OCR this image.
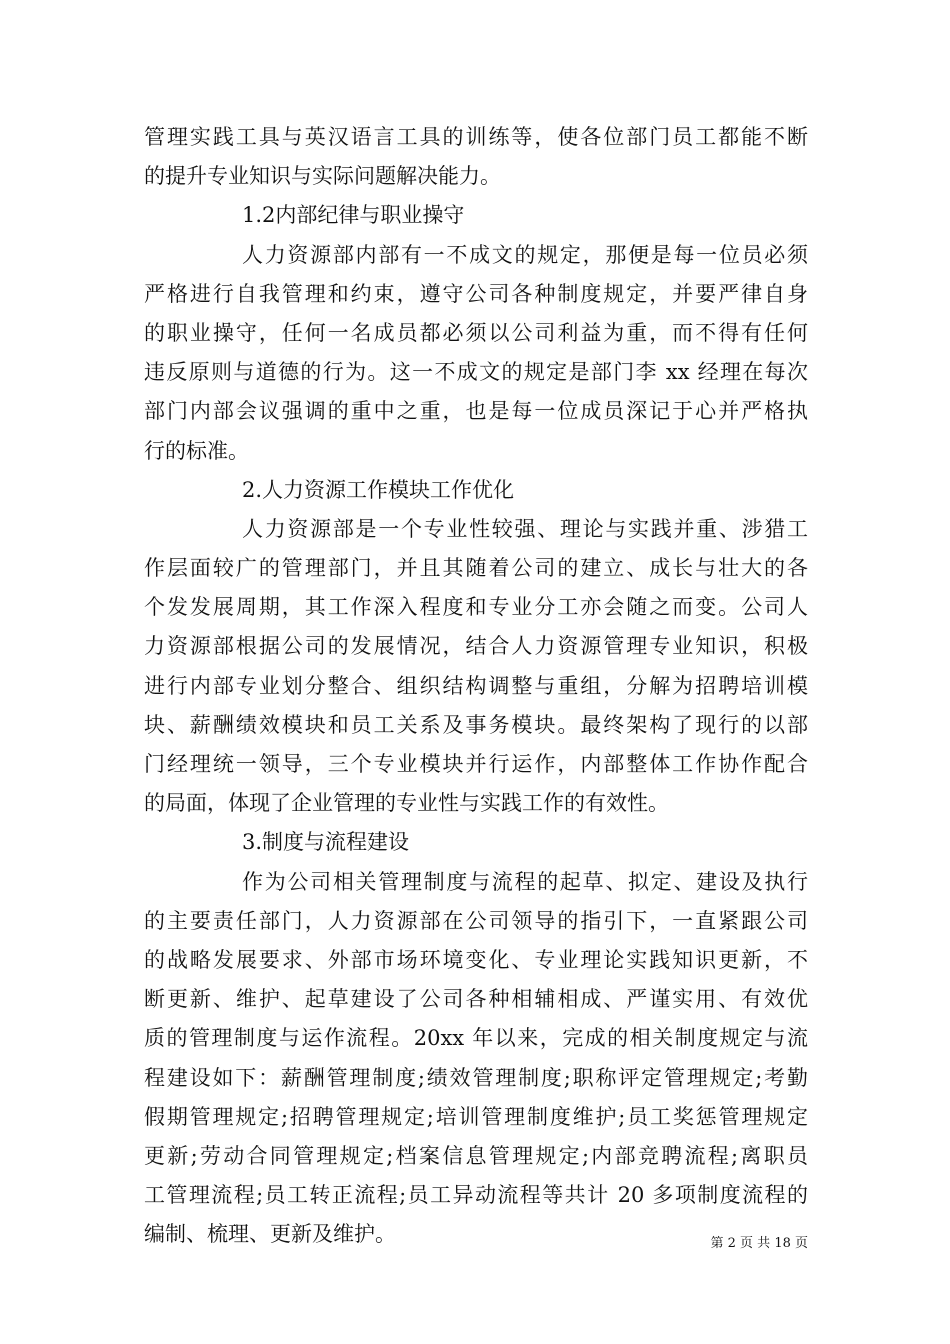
管理实践工具与英汉语言工具的训练等，使各位部门员工都能不断
的提升专业知识与实际问题解决能力。
1.2内部纪律与职业操守
人力资源部内部有一不成文的规定，那便是每一位员必须
严格进行自我管理和约束，遵守公司各种制度规定，并要严律自身
的职业操守，任何一名成员都必须以公司利益为重，而不得有任何
违反原则与道德的行为。这一不成文的规定是部门李 xx 经理在每次
部门内部会议强调的重中之重，也是每一位成员深记于心并严格执
行的标准。
2.人力资源工作模块工作优化
人力资源部是一个专业性较强、理论与实践并重、涉猎工
作层面较广的管理部门，并且其随着公司的建立、成长与壮大的各
个发发展周期，其工作深入程度和专业分工亦会随之而变。公司人
力资源部根据公司的发展情况，结合人力资源管理专业知识，积极
进行内部专业划分整合、组织结构调整与重组，分解为招聘培训模
块、薪酬绩效模块和员工关系及事务模块。最终架构了现行的以部
门经理统一领导，三个专业模块并行运作，内部整体工作协作配合
的局面，体现了企业管理的专业性与实践工作的有效性。
3.制度与流程建设
作为公司相关管理制度与流程的起草、拟定、建设及执行
的主要责任部门，人力资源部在公司领导的指引下，一直紧跟公司
的战略发展要求、外部市场环境变化、专业理论实践知识更新，不
断更新、维护、起草建设了公司各种相辅相成、严谨实用、有效优
质的管理制度与运作流程。20xx 年以来，完成的相关制度规定与流
程建设如下：薪酬管理制度;绩效管理制度;职称评定管理规定;考勤
假期管理规定;招聘管理规定;培训管理制度维护;员工奖惩管理规定
更新;劳动合同管理规定;档案信息管理规定;内部竞聘流程;离职员
工管理流程;员工转正流程;员工异动流程等共计 20 多项制度流程的
编制、梳理、更新及维护。	第 2 页 共 18 页
